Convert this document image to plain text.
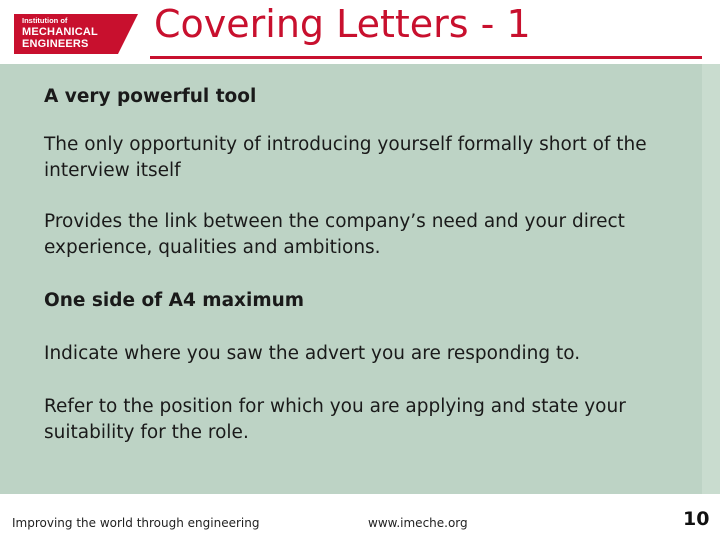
Institution of
MECHANICAL
ENGINEERS Covering Letters - 1

A very powerful tool

The only opportunity of introducing yourself formally short of the interview itself

Provides the link between the company’s need and your direct experience, qualities and ambitions.

One side of A4 maximum

Indicate where you saw the advert you are responding to.

Refer to the position for which you are applying and state your suitability for the role.

Improving the world through engineering	www.imeche.org	10
